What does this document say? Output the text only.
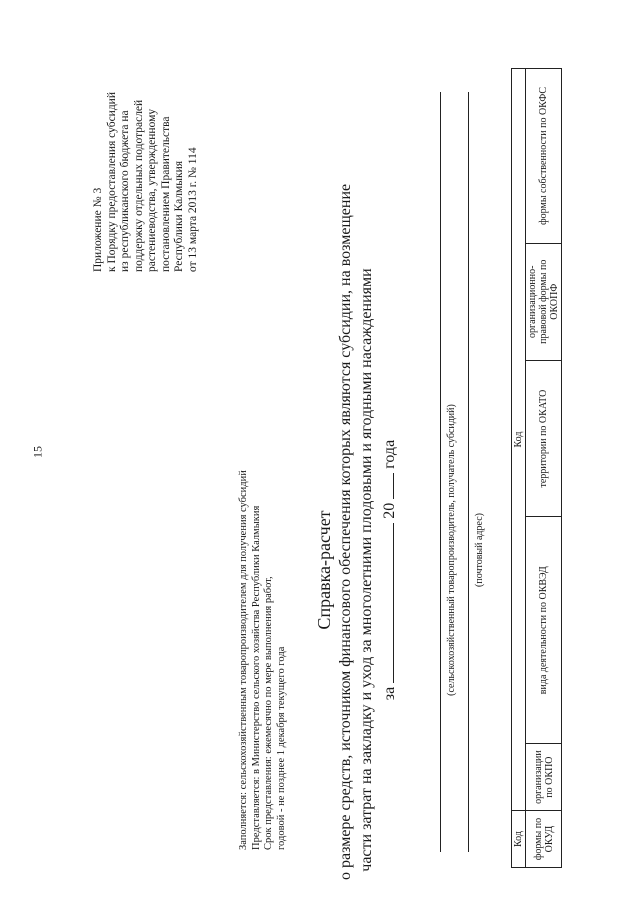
15
Приложение № 3 к Порядку предоставления субсидий из республиканского бюджета на поддержку отдельных подотраслей растениеводства, утвержденному постановлением Правительства Республики Калмыкия от 13 марта 2013 г. № 114
Заполняется: сельскохозяйственным товаропроизводителем для получения субсидий Представляется: в Министерство сельского хозяйства Республики Калмыкия Срок представления: ежемесячно по мере выполнения работ, годовой - не позднее 1 декабря текущего года
Справка-расчет о размере средств, источником финансового обеспечения которых являются субсидии, на возмещение части затрат на закладку и уход за многолетними плодовыми и ягодными насаждениями за  20  года	(сельскохозяйственный товаропроизводитель, получатель субсидий) (почтовый адрес)
Код	Код				
формы по ОКУД	организации по ОКПО	вида деятельности по ОКВЭД	территории по ОКАТО	организационно-правовой формы по ОКОПФ	формы собственности по ОКФС
